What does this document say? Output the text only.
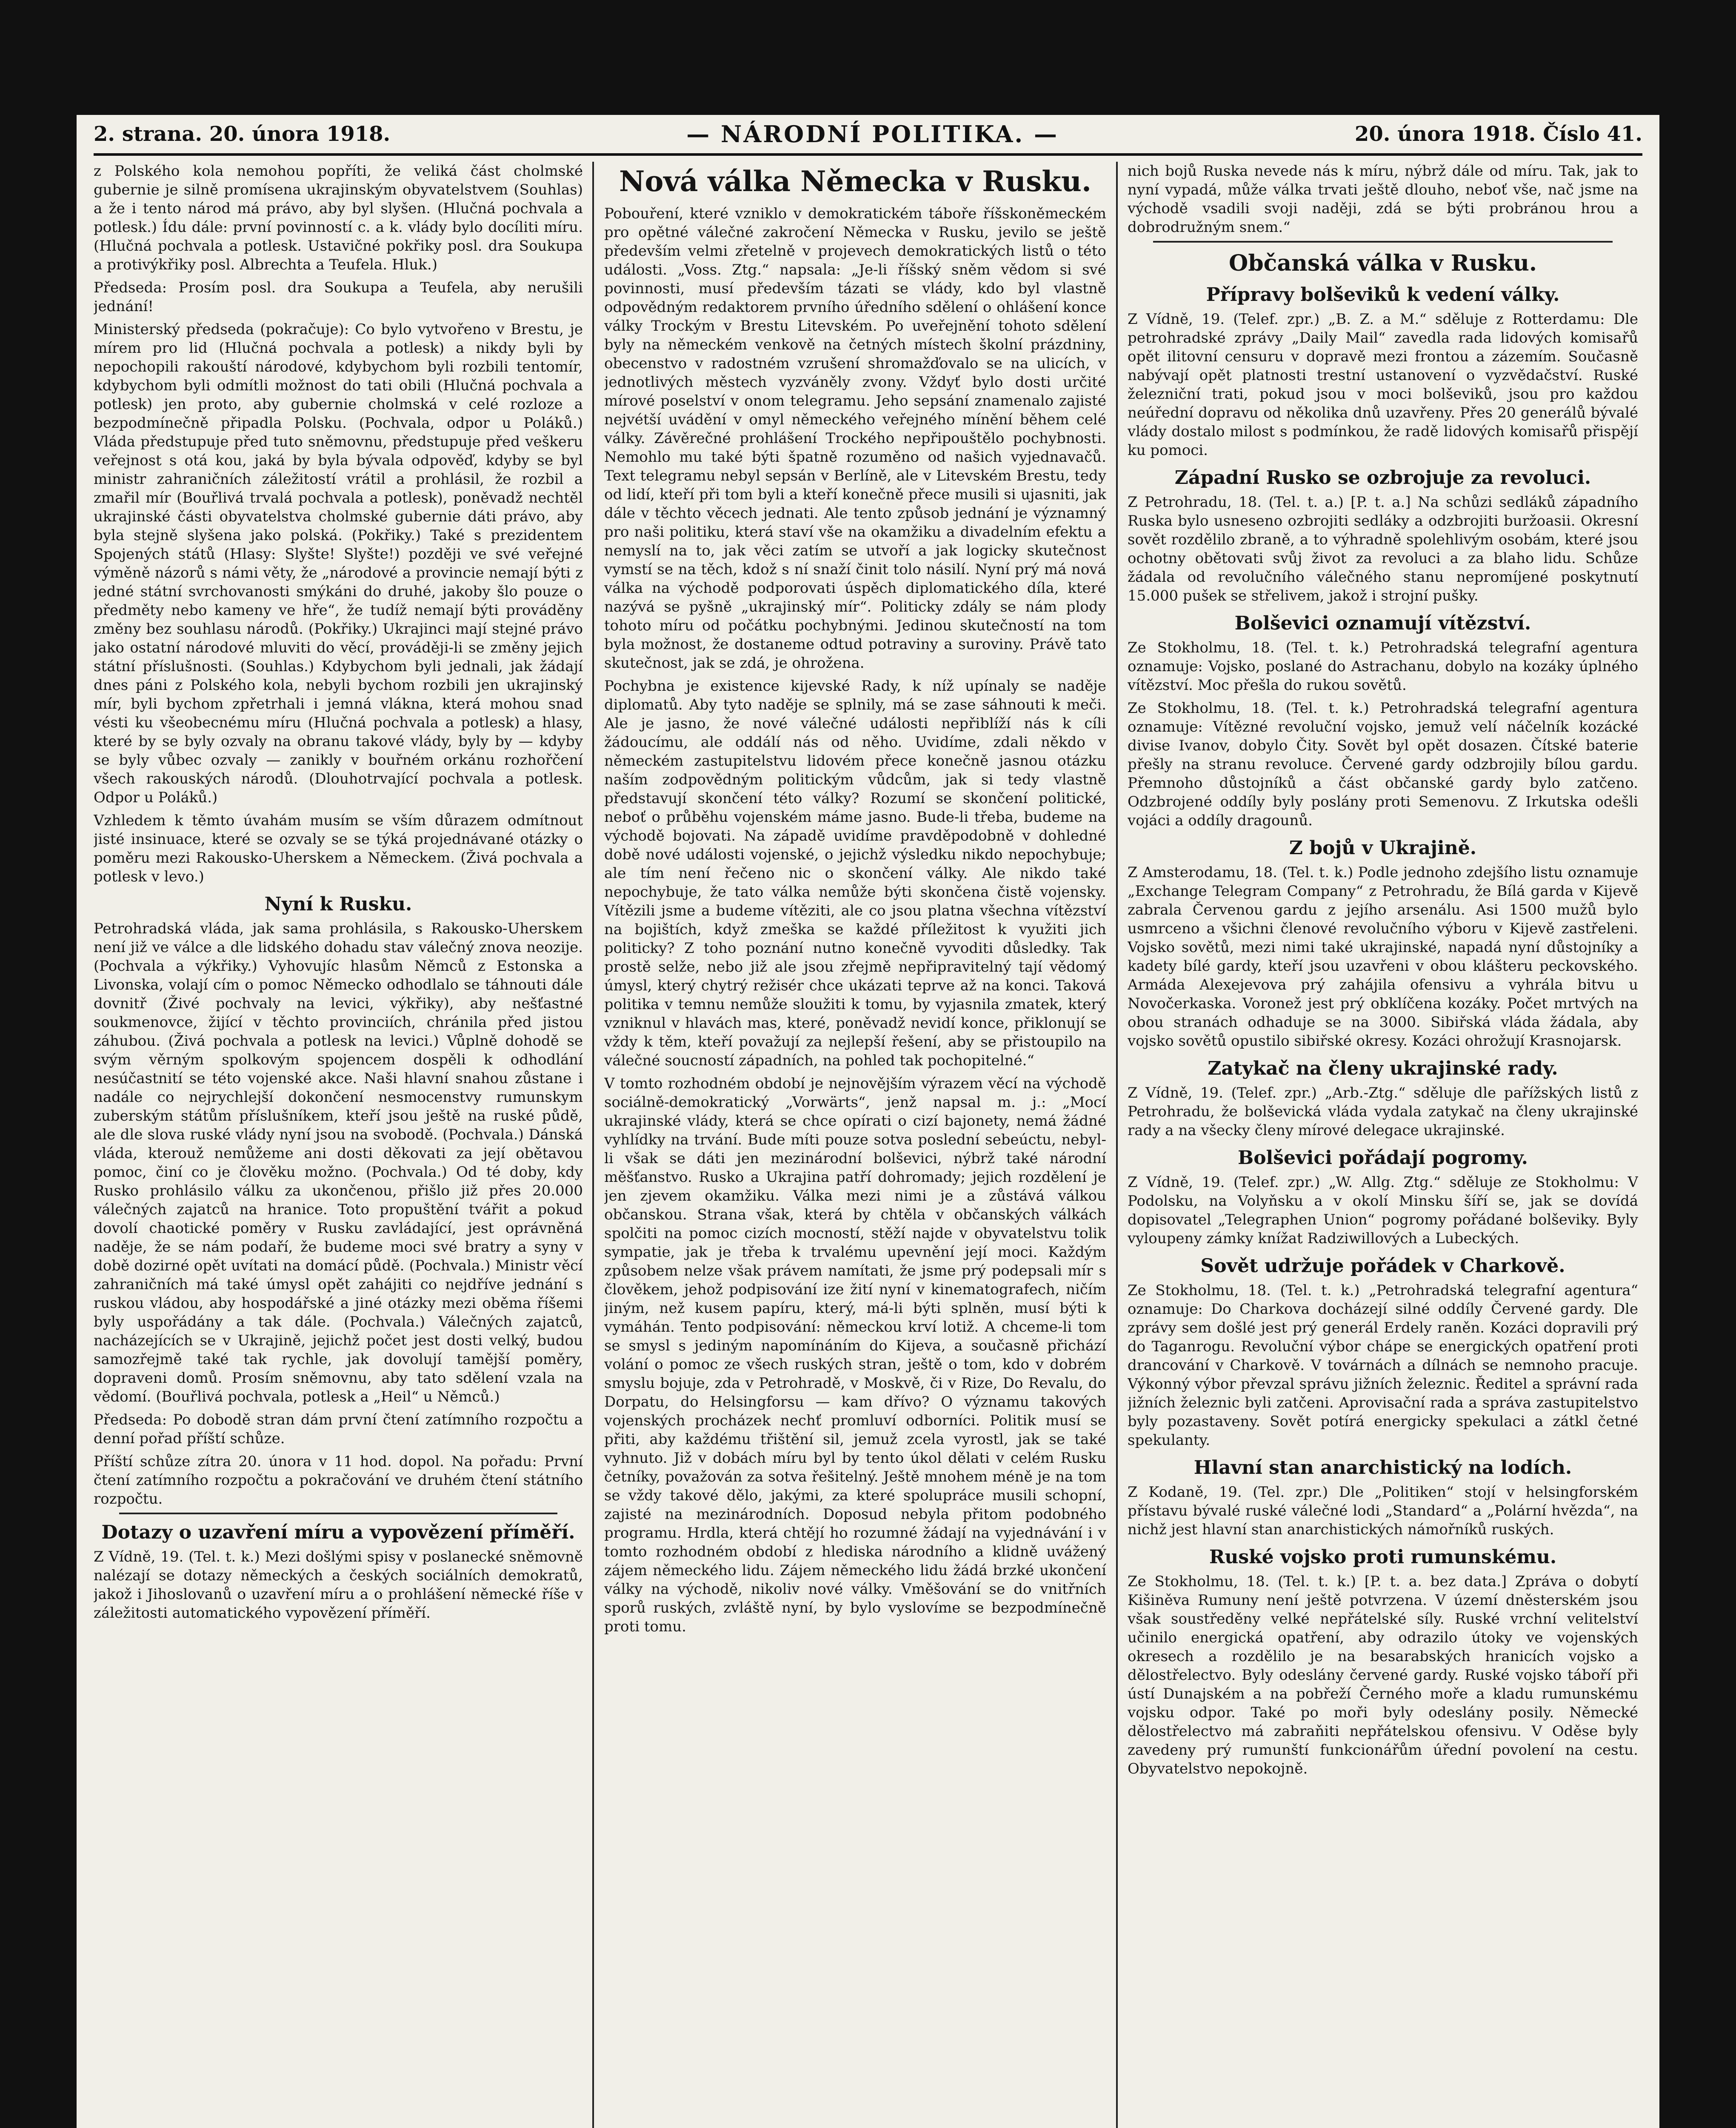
2. strana. 20. února 1918.	— NÁRODNÍ POLITIKA. —	20. února 1918. Číslo 41.

z Polského kola nemohou popříti, že veliká část cholmské gubernie je silně promísena ukrajinským obyvatelstvem (Souhlas) a že i tento národ má právo, aby byl slyšen. (Hlučná pochvala a potlesk.) Ídu dále: první povinností c. a k. vlády bylo docíliti míru. (Hlučná pochvala a potlesk. Ustavičné pokřiky posl. dra Soukupa a protivýkřiky posl. Albrechta a Teufela. Hluk.)

Předseda: Prosím posl. dra Soukupa a Teufela, aby nerušili jednání!

Ministerský předseda (pokračuje): Co bylo vytvořeno v Brestu, je mírem pro lid (Hlučná pochvala a potlesk) a nikdy byli by nepochopili rakouští národové, kdybychom byli rozbili tentomír, kdybychom byli odmítli možnost do tati obili (Hlučná pochvala a potlesk) jen proto, aby gubernie cholmská v celé rozloze a bezpodmínečně připadla Polsku. (Pochvala, odpor u Poláků.) Vláda předstupuje před tuto sněmovnu, předstupuje před veškeru veřejnost s otá kou, jaká by byla bývala odpověď, kdyby se byl ministr zahraničních záležitostí vrátil a prohlásil, že rozbil a zmařil mír (Bouřlivá trvalá pochvala a potlesk), poněvadž nechtěl ukrajinské části obyvatelstva cholmské gubernie dáti právo, aby byla stejně slyšena jako polská. (Pokřiky.) Také s prezidentem Spojených států (Hlasy: Slyšte! Slyšte!) později ve své veřejné výměně názorů s námi věty, že „národové a provincie nemají býti z jedné státní svrchovanosti smýkáni do druhé, jakoby šlo pouze o předměty nebo kameny ve hře“, že tudíž nemají býti prováděny změny bez souhlasu národů. (Pokřiky.) Ukrajinci mají stejné právo jako ostatní národové mluviti do věcí, prováději-li se změny jejich státní příslušnosti. (Souhlas.) Kdybychom byli jednali, jak žádají dnes páni z Polského kola, nebyli bychom rozbili jen ukrajinský mír, byli bychom zpřetrhali i jemná vlákna, která mohou snad vésti ku všeobecnému míru (Hlučná pochvala a potlesk) a hlasy, které by se byly ozvaly na obranu takové vlády, byly by — kdyby se byly vůbec ozvaly — zanikly v bouřném orkánu rozhořčení všech rakouských národů. (Dlouhotrvající pochvala a potlesk. Odpor u Poláků.)

Vzhledem k těmto úvahám musím se vším důrazem odmítnout jisté insinuace, které se ozvaly se se týká projednávané otázky o poměru mezi Rakousko-Uherskem a Německem. (Živá pochvala a potlesk v levo.)

Nyní k Rusku.

Petrohradská vláda, jak sama prohlásila, s Rakousko-Uherskem není již ve válce a dle lidského dohadu stav válečný znova neozije. (Pochvala a výkřiky.) Vyhovujíc hlasům Němců z Estonska a Livonska, volají cím o pomoc Německo odhodlalo se táhnouti dále dovnitř (Živé pochvaly na levici, výkřiky), aby nešťastné soukmenovce, žijící v těchto provinciích, chránila před jistou záhubou. (Živá pochvala a potlesk na levici.) Vůplně dohodě se svým věrným spolkovým spojencem dospěli k odhodlání nesúčastnití se této vojenské akce. Naši hlavní snahou zůstane i nadále co nejrychlejší dokončení nesmocenstvy rumunskym zuberským státům příslušníkem, kteří jsou ještě na ruské půdě, ale dle slova ruské vlády nyní jsou na svobodě. (Pochvala.) Dánská vláda, kterouž nemůžeme ani dosti děkovati za její obětavou pomoc, činí co je člověku možno. (Pochvala.) Od té doby, kdy Rusko prohlásilo válku za ukončenou, přišlo již přes 20.000 válečných zajatců na hranice. Toto propuštění tvářit a pokud dovolí chaotické poměry v Rusku zavládající, jest oprávněná naděje, že se nám podaří, že budeme moci své bratry a syny v době dozirné opět uvítati na domácí půdě. (Pochvala.) Ministr věcí zahraničních má také úmysl opět zahájiti co nejdříve jednání s ruskou vládou, aby hospodářské a jiné otázky mezi oběma říšemi byly uspořádány a tak dále. (Pochvala.) Válečných zajatců, nacházejících se v Ukrajině, jejichž počet jest dosti velký, budou samozřejmě také tak rychle, jak dovolují tamější poměry, dopraveni domů. Prosím sněmovnu, aby tato sdělení vzala na vědomí. (Bouřlivá pochvala, potlesk a „Heil“ u Němců.)

Předseda: Po dobodě stran dám první čtení zatímního rozpočtu a denní pořad příští schůze.

Příští schůze zítra 20. února v 11 hod. dopol. Na pořadu: První čtení zatímního rozpočtu a pokračování ve druhém čtení státního rozpočtu.

Dotazy o uzavření míru a vypovězení příměří.

Z Vídně, 19. (Tel. t. k.) Mezi došlými spisy v poslanecké sněmovně nalézají se dotazy německých a českých sociálních demokratů, jakož i Jihoslovanů o uzavření míru a o prohlášení německé říše v záležitosti automatického vypovězení příměří.

Nová válka Německa v Rusku.

Pobouření, které vzniklo v demokratickém táboře říšskoněmeckém pro opětné válečné zakročení Německa v Rusku, jevilo se ještě především velmi zřetelně v projevech demokratických listů o této události. „Voss. Ztg.“ napsala: „Je-li říšský sněm vědom si své povinnosti, musí především tázati se vlády, kdo byl vlastně odpovědným redaktorem prvního úředního sdělení o ohlášení konce války Trockým v Brestu Litevském. Po uveřejnění tohoto sdělení byly na německém venkově na četných místech školní prázdniny, obecenstvo v radostném vzrušení shromažďovalo se na ulicích, v jednotlivých městech vyzváněly zvony. Vždyť bylo dosti určité mírové poselství v onom telegramu. Jeho sepsání znamenalo zajisté nejvétší uvádění v omyl německého veřejného mínění během celé války. Závěrečné prohlášení Trockého nepřipouštělo pochybnosti. Nemohlo mu také býti špatně rozuměno od našich vyjednavačů. Text telegramu nebyl sepsán v Berlíně, ale v Litevském Brestu, tedy od lidí, kteří při tom byli a kteří konečně přece musili si ujasniti, jak dále v těchto věcech jednati. Ale tento způsob jednání je významný pro naši politiku, která staví vše na okamžiku a divadelním efektu a nemyslí na to, jak věci zatím se utvoří a jak logicky skutečnost vymstí se na těch, kdož s ní snaží činit tolo násilí. Nyní prý má nová válka na východě podporovati úspěch diplomatického díla, které nazývá se pyšně „ukrajinský mír“. Politicky zdály se nám plody tohoto míru od počátku pochybnými. Jedinou skutečností na tom byla možnost, že dostaneme odtud potraviny a suroviny. Právě tato skutečnost, jak se zdá, je ohrožena.

Pochybna je existence kijevské Rady, k níž upínaly se naděje diplomatů. Aby tyto naděje se splnily, má se zase sáhnouti k meči. Ale je jasno, že nové válečné události nepřiblíží nás k cíli žádoucímu, ale oddálí nás od něho. Uvidíme, zdali někdo v německém zastupitelstvu lidovém přece konečně jasnou otázku naším zodpovědným politickým vůdcům, jak si tedy vlastně představují skončení této války? Rozumí se skončení politické, neboť o průběhu vojenském máme jasno. Bude-li třeba, budeme na východě bojovati. Na západě uvidíme pravděpodobně v dohledné době nové události vojenské, o jejichž výsledku nikdo nepochybuje; ale tím není řečeno nic o skončení války. Ale nikdo také nepochybuje, že tato válka nemůže býti skončena čistě vojensky. Vítězili jsme a budeme vítěziti, ale co jsou platna všechna vítězství na bojištích, když zmeška se každé příležitost k využiti jich politicky? Z toho poznání nutno konečně vyvoditi důsledky. Tak prostě selže, nebo již ale jsou zřejmě nepřipravitelný tají vědomý úmysl, který chytrý režisér chce ukázati teprve až na konci. Taková politika v temnu nemůže sloužiti k tomu, by vyjasnila zmatek, který vzniknul v hlavách mas, které, poněvadž nevidí konce, přiklonují se vždy k těm, kteří považují za nejlepší řešení, aby se přistoupilo na válečné soucností západních, na pohled tak pochopitelné.“

V tomto rozhodném období je nejnovějším výrazem věcí na východě sociálně-demokratický „Vorwärts“, jenž napsal m. j.: „Mocí ukrajinské vlády, která se chce opírati o cizí bajonety, nemá žádné vyhlídky na trvání. Bude míti pouze sotva poslední sebeúctu, nebyl-li však se dáti jen mezinárodní bolševici, nýbrž také národní měšťanstvo. Rusko a Ukrajina patří dohromady; jejich rozdělení je jen zjevem okamžiku. Válka mezi nimi je a zůstává válkou občanskou. Strana však, která by chtěla v občanských válkách spolčiti na pomoc cizích mocností, stěží najde v obyvatelstvu tolik sympatie, jak je třeba k trvalému upevnění její moci. Každým způsobem nelze však právem namítati, že jsme prý podepsali mír s člověkem, jehož podpisování ize žití nyní v kinematografech, ničím jiným, než kusem papíru, který, má-li býti splněn, musí býti k vymáhán. Tento podpisování: německou krví lotiž. A chceme-li tom se smysl s jediným napomínáním do Kijeva, a současně přichází volání o pomoc ze všech ruských stran, ještě o tom, kdo v dobrém smyslu bojuje, zda v Petrohradě, v Moskvě, či v Rize, Do Revalu, do Dorpatu, do Helsingforsu — kam dřívo? O významu takových vojenských procházek nechť promluví odborníci. Politik musí se přiti, aby každému třištění sil, jemuž zcela vyrostl, jak se také vyhnuto. Již v dobách míru byl by tento úkol dělati v celém Rusku četníky, považován za sotva řešitelný. Ještě mnohem méně je na tom se vždy takové dělo, jakými, za které spolupráce musili schopní, zajisté na mezinárodních. Doposud nebyla přitom podobného programu. Hrdla, která chtějí ho rozumné žádají na vyjednávání i v tomto rozhodném období z hlediska národního a klidně uvážený zájem německého lidu. Zájem německého lidu žádá brzké ukončení války na východě, nikoliv nové války. Vměšování se do vnitřních sporů ruských, zvláště nyní, by bylo vyslovíme se bezpodmínečně proti tomu.

nich bojů Ruska nevede nás k míru, nýbrž dále od míru. Tak, jak to nyní vypadá, může válka trvati ještě dlouho, neboť vše, nač jsme na východě vsadili svoji naději, zdá se býti probránou hrou a dobrodružným snem.“

Občanská válka v Rusku.
Přípravy bolševiků k vedení války.

Z Vídně, 19. (Telef. zpr.) „B. Z. a M.“ sděluje z Rotterdamu: Dle petrohradské zprávy „Daily Mail“ zavedla rada lidových komisařů opět ilitovní censuru v dopravě mezi frontou a zázemím. Současně nabývají opět platnosti trestní ustanovení o vyzvědačství. Ruské železniční trati, pokud jsou v moci bolševiků, jsou pro každou neúřední dopravu od několika dnů uzavřeny. Přes 20 generálů bývalé vlády dostalo milost s podmínkou, že radě lidových komisařů přispějí ku pomoci.

Západní Rusko se ozbrojuje za revoluci.

Z Petrohradu, 18. (Tel. t. a.) [P. t. a.] Na schůzi sedláků západního Ruska bylo usneseno ozbrojiti sedláky a odzbrojiti buržoasii. Okresní sovět rozdělilo zbraně, a to výhradně spolehlivým osobám, které jsou ochotny obětovati svůj život za revoluci a za blaho lidu. Schůze žádala od revolučního válečného stanu nepromíjené poskytnutí 15.000 pušek se střelivem, jakož i strojní pušky.

Bolševici oznamují vítězství.

Ze Stokholmu, 18. (Tel. t. k.) Petrohradská telegrafní agentura oznamuje: Vojsko, poslané do Astrachanu, dobylo na kozáky úplného vítězství. Moc přešla do rukou sovětů.

Ze Stokholmu, 18. (Tel. t. k.) Petrohradská telegrafní agentura oznamuje: Vítězné revoluční vojsko, jemuž velí náčelník kozácké divise Ivanov, dobylo Čity. Sovět byl opět dosazen. Čítské baterie přešly na stranu revoluce. Červené gardy odzbrojily bílou gardu. Přemnoho důstojníků a část občanské gardy bylo zatčeno. Odzbrojené oddíly byly poslány proti Semenovu. Z Irkutska odešli vojáci a oddíly dragounů.

Z bojů v Ukrajině.

Z Amsterodamu, 18. (Tel. t. k.) Podle jednoho zdejšího listu oznamuje „Exchange Telegram Company“ z Petrohradu, že Bílá garda v Kijevě zabrala Červenou gardu z jejího arsenálu. Asi 1500 mužů bylo usmrceno a všichni členové revolučního výboru v Kijevě zastřeleni. Vojsko sovětů, mezi nimi také ukrajinské, napadá nyní důstojníky a kadety bílé gardy, kteří jsou uzavřeni v obou klášteru peckovského. Armáda Alexejevova prý zahájila ofensivu a vyhrála bitvu u Novočerkaska. Voronež jest prý obklíčena kozáky. Počet mrtvých na obou stranách odhaduje se na 3000. Sibiřská vláda žádala, aby vojsko sovětů opustilo sibiřské okresy. Kozáci ohrožují Krasnojarsk.

Zatykač na členy ukrajinské rady.

Z Vídně, 19. (Telef. zpr.) „Arb.-Ztg.“ sděluje dle pařížských listů z Petrohradu, že bolševická vláda vydala zatykač na členy ukrajinské rady a na všecky členy mírové delegace ukrajinské.

Bolševici pořádají pogromy.

Z Vídně, 19. (Telef. zpr.) „W. Allg. Ztg.“ sděluje ze Stokholmu: V Podolsku, na Volyňsku a v okolí Minsku šíří se, jak se dovídá dopisovatel „Telegraphen Union“ pogromy pořádané bolševiky. Byly vyloupeny zámky knížat Radziwillových a Lubeckých.

Sovět udržuje pořádek v Charkově.

Ze Stokholmu, 18. (Tel. t. k.) „Petrohradská telegrafní agentura“ oznamuje: Do Charkova docházejí silné oddíly Červené gardy. Dle zprávy sem došlé jest prý generál Erdely raněn. Kozáci dopravili prý do Taganrogu. Revoluční výbor chápe se energických opatření proti drancování v Charkově. V továrnách a dílnách se nemnoho pracuje. Výkonný výbor převzal správu jižních železnic. Ředitel a správní rada jižních železnic byli zatčeni. Aprovisační rada a správa zastupitelstvo byly pozastaveny. Sovět potírá energicky spekulaci a zátkl četné spekulanty.

Hlavní stan anarchistický na lodích.

Z Kodaně, 19. (Tel. zpr.) Dle „Politiken“ stojí v helsingforském přístavu bývalé ruské válečné lodi „Standard“ a „Polární hvězda“, na nichž jest hlavní stan anarchistických námořníků ruských.

Ruské vojsko proti rumunskému.

Ze Stokholmu, 18. (Tel. t. k.) [P. t. a. bez data.] Zpráva o dobytí Kišiněva Rumuny není ještě potvrzena. V území dněsterském jsou však soustředěny velké nepřátelské síly. Ruské vrchní velitelství učinilo energická opatření, aby odrazilo útoky ve vojenských okresech a rozdělilo je na besarabských hranicích vojsko a dělostřelectvo. Byly odeslány červené gardy. Ruské vojsko táboří při ústí Dunajském a na pobřeží Černého moře a kladu rumunskému vojsku odpor. Také po moři byly odeslány posily. Německé dělostřelectvo má zabraňiti nepřátelskou ofensivu. V Oděse byly zavedeny prý rumunští funkcionářům úřední povolení na cestu. Obyvatelstvo nepokojně.
